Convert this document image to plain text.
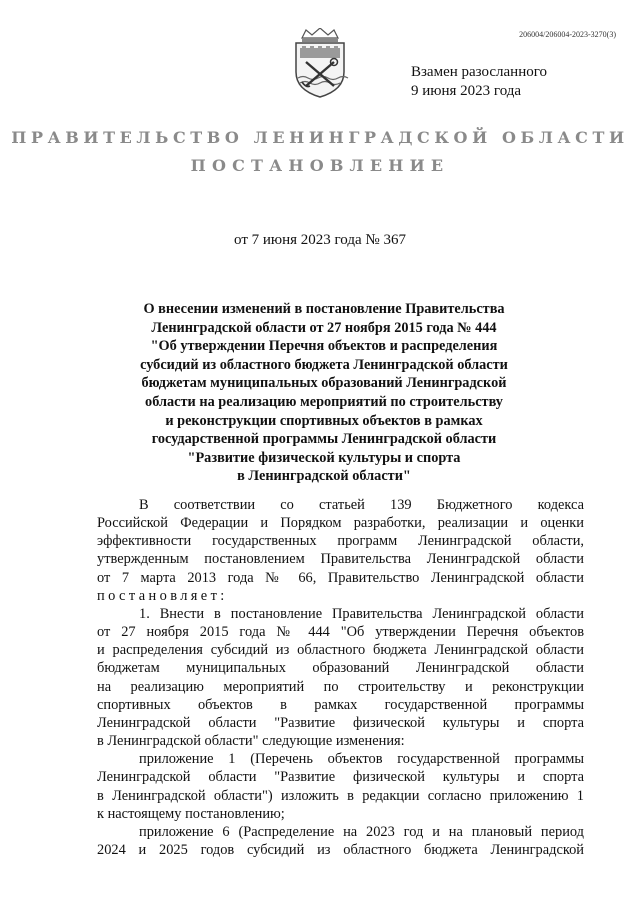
206004/206004-2023-3270(3)
Взамен разосланного
9 июня 2023 года
ПРАВИТЕЛЬСТВО ЛЕНИНГРАДСКОЙ ОБЛАСТИ
ПОСТАНОВЛЕНИЕ
от 7 июня 2023 года № 367
О внесении изменений в постановление Правительства
Ленинградской области от 27 ноября 2015 года № 444
"Об утверждении Перечня объектов и распределения
субсидий из областного бюджета Ленинградской области
бюджетам муниципальных образований Ленинградской
области на реализацию мероприятий по строительству
и реконструкции спортивных объектов в рамках
государственной программы Ленинградской области
"Развитие физической культуры и спорта
в Ленинградской области"
В соответствии со статьей 139 Бюджетного кодекса
Российской Федерации и Порядком разработки, реализации и оценки
эффективности государственных программ Ленинградской области,
утвержденным постановлением Правительства Ленинградской области
от 7 марта 2013 года № 66, Правительство Ленинградской области
постановляет:
1. Внести в постановление Правительства Ленинградской области
от 27 ноября 2015 года № 444 "Об утверждении Перечня объектов
и распределения субсидий из областного бюджета Ленинградской области
бюджетам муниципальных образований Ленинградской области
на реализацию мероприятий по строительству и реконструкции
спортивных объектов в рамках государственной программы
Ленинградской области "Развитие физической культуры и спорта
в Ленинградской области" следующие изменения:
приложение 1 (Перечень объектов государственной программы
Ленинградской области "Развитие физической культуры и спорта
в Ленинградской области") изложить в редакции согласно приложению 1
к настоящему постановлению;
приложение 6 (Распределение на 2023 год и на плановый период
2024 и 2025 годов субсидий из областного бюджета Ленинградской
